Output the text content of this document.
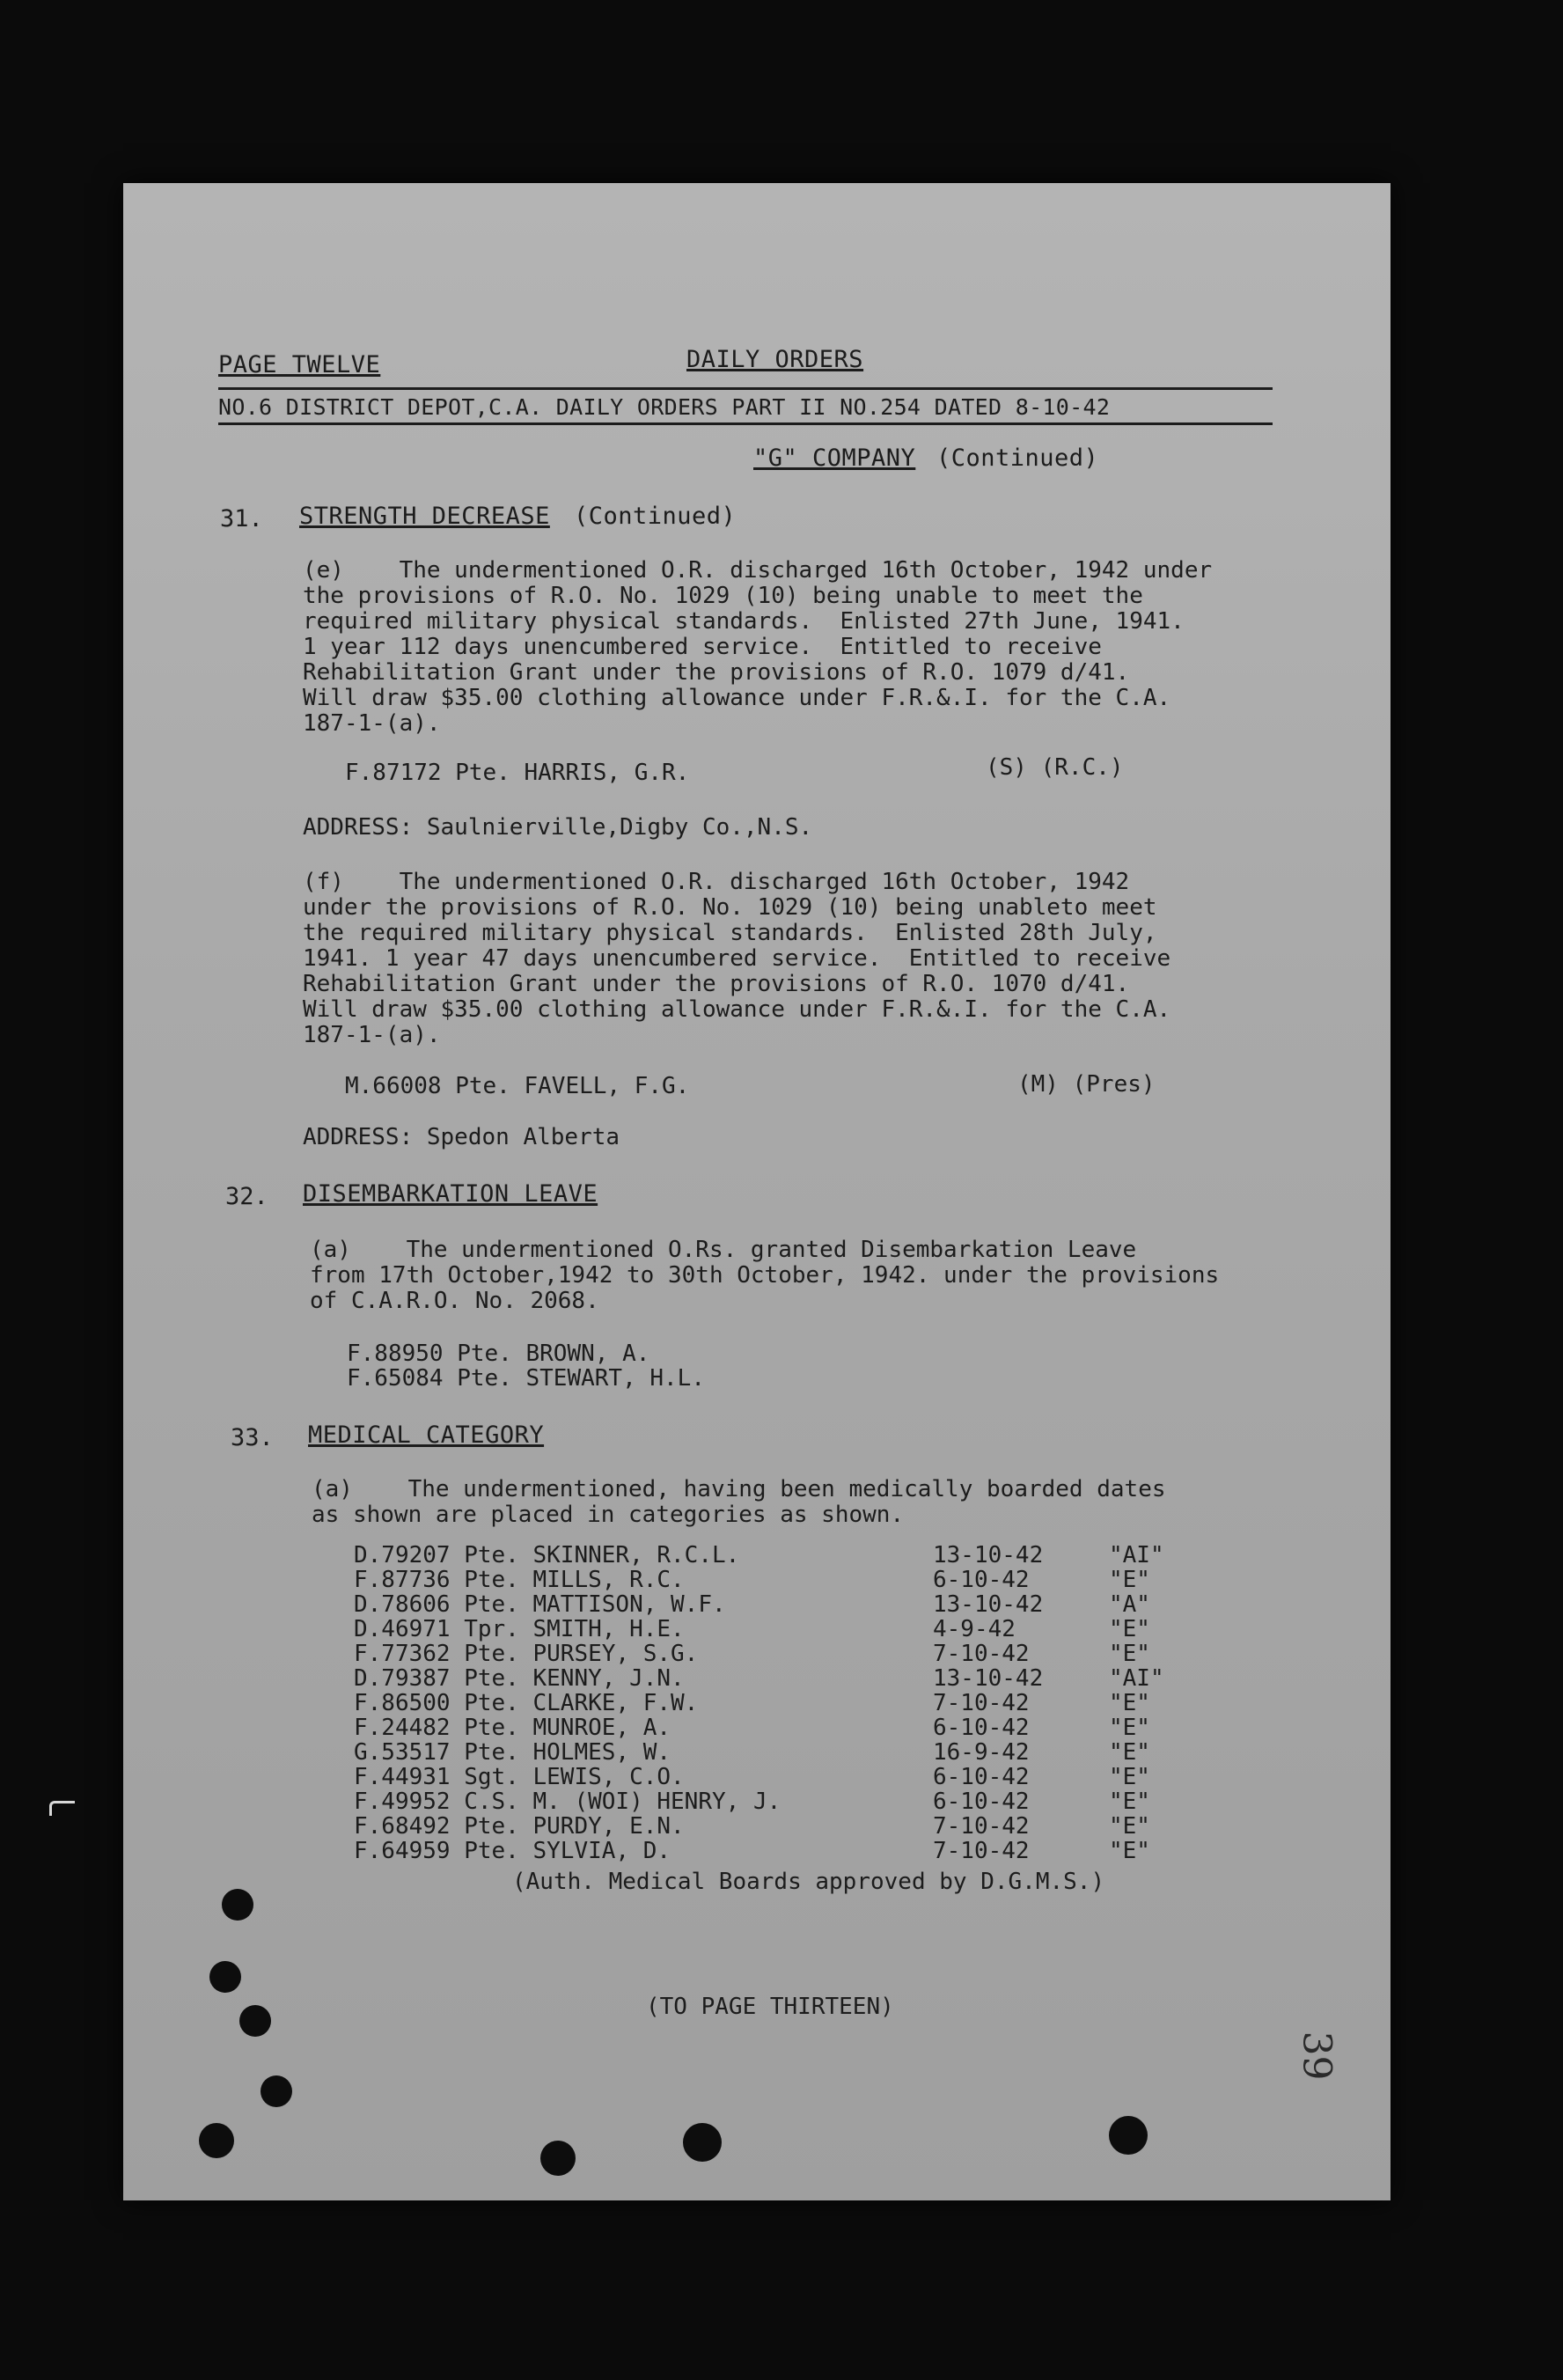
PAGE TWELVE	DAILY ORDERS
NO.6 DISTRICT DEPOT,C.A. DAILY ORDERS PART II NO.254 DATED 8-10-42
"G" COMPANY (Continued)
31. STRENGTH DECREASE (Continued)
(e)    The undermentioned O.R. discharged 16th October, 1942 under
the provisions of R.O. No. 1029 (10) being unable to meet the
required military physical standards.  Enlisted 27th June, 1941.
1 year 112 days unencumbered service.  Entitled to receive
Rehabilitation Grant under the provisions of R.O. 1079 d/41.
Will draw $35.00 clothing allowance under F.R.&.I. for the C.A.
187-1-(a).
F.87172 Pte. HARRIS, G.R.	(S) (R.C.)
ADDRESS: Saulnierville,Digby Co.,N.S.
(f)    The undermentioned O.R. discharged 16th October, 1942
under the provisions of R.O. No. 1029 (10) being unableto meet
the required military physical standards.  Enlisted 28th July,
1941. 1 year 47 days unencumbered service.  Entitled to receive
Rehabilitation Grant under the provisions of R.O. 1070 d/41.
Will draw $35.00 clothing allowance under F.R.&.I. for the C.A.
187-1-(a).
M.66008 Pte. FAVELL, F.G.	(M) (Pres)
ADDRESS: Spedon Alberta
32. DISEMBARKATION LEAVE
(a)    The undermentioned O.Rs. granted Disembarkation Leave
from 17th October,1942 to 30th October, 1942. under the provisions
of C.A.R.O. No. 2068.
F.88950 Pte. BROWN, A.
F.65084 Pte. STEWART, H.L.
33. MEDICAL CATEGORY
(a)    The undermentioned, having been medically boarded dates
as shown are placed in categories as shown.
D.79207 Pte. SKINNER, R.C.L.	13-10-42	"AI"
F.87736 Pte. MILLS, R.C.	6-10-42	"E"
D.78606 Pte. MATTISON, W.F.	13-10-42	"A"
D.46971 Tpr. SMITH, H.E.	4-9-42	"E"
F.77362 Pte. PURSEY, S.G.	7-10-42	"E"
D.79387 Pte. KENNY, J.N.	13-10-42	"AI"
F.86500 Pte. CLARKE, F.W.	7-10-42	"E"
F.24482 Pte. MUNROE, A.	6-10-42	"E"
G.53517 Pte. HOLMES, W.	16-9-42	"E"
F.44931 Sgt. LEWIS, C.O.	6-10-42	"E"
F.49952 C.S. M. (WOI) HENRY, J.	6-10-42	"E"
F.68492 Pte. PURDY, E.N.	7-10-42	"E"
F.64959 Pte. SYLVIA, D.	7-10-42	"E"
(Auth. Medical Boards approved by D.G.M.S.)
(TO PAGE THIRTEEN)
39
